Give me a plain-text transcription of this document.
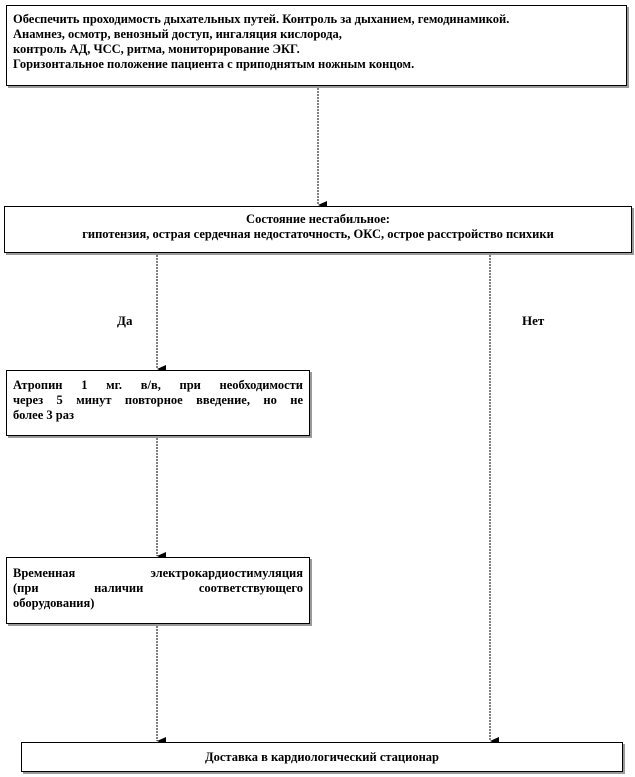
Обеспечить проходимость дыхательных путей. Контроль за дыханием, гемодинамикой.
Анамнез, осмотр, венозный доступ, ингаляция кислорода,
контроль АД, ЧСС, ритма, мониторирование ЭКГ.
Горизонтальное положение пациента с приподнятым ножным концом.
Состояние нестабильное:
гипотензия, острая сердечная недостаточность, ОКС, острое расстройство психики
Да	Нет
Атропин 1 мг. в/в, при необходимости
через 5 минут повторное введение, но не
более 3 раз
Временная электрокардиостимуляция
(при наличии соответствующего
оборудования)
Доставка в кардиологический стационар
